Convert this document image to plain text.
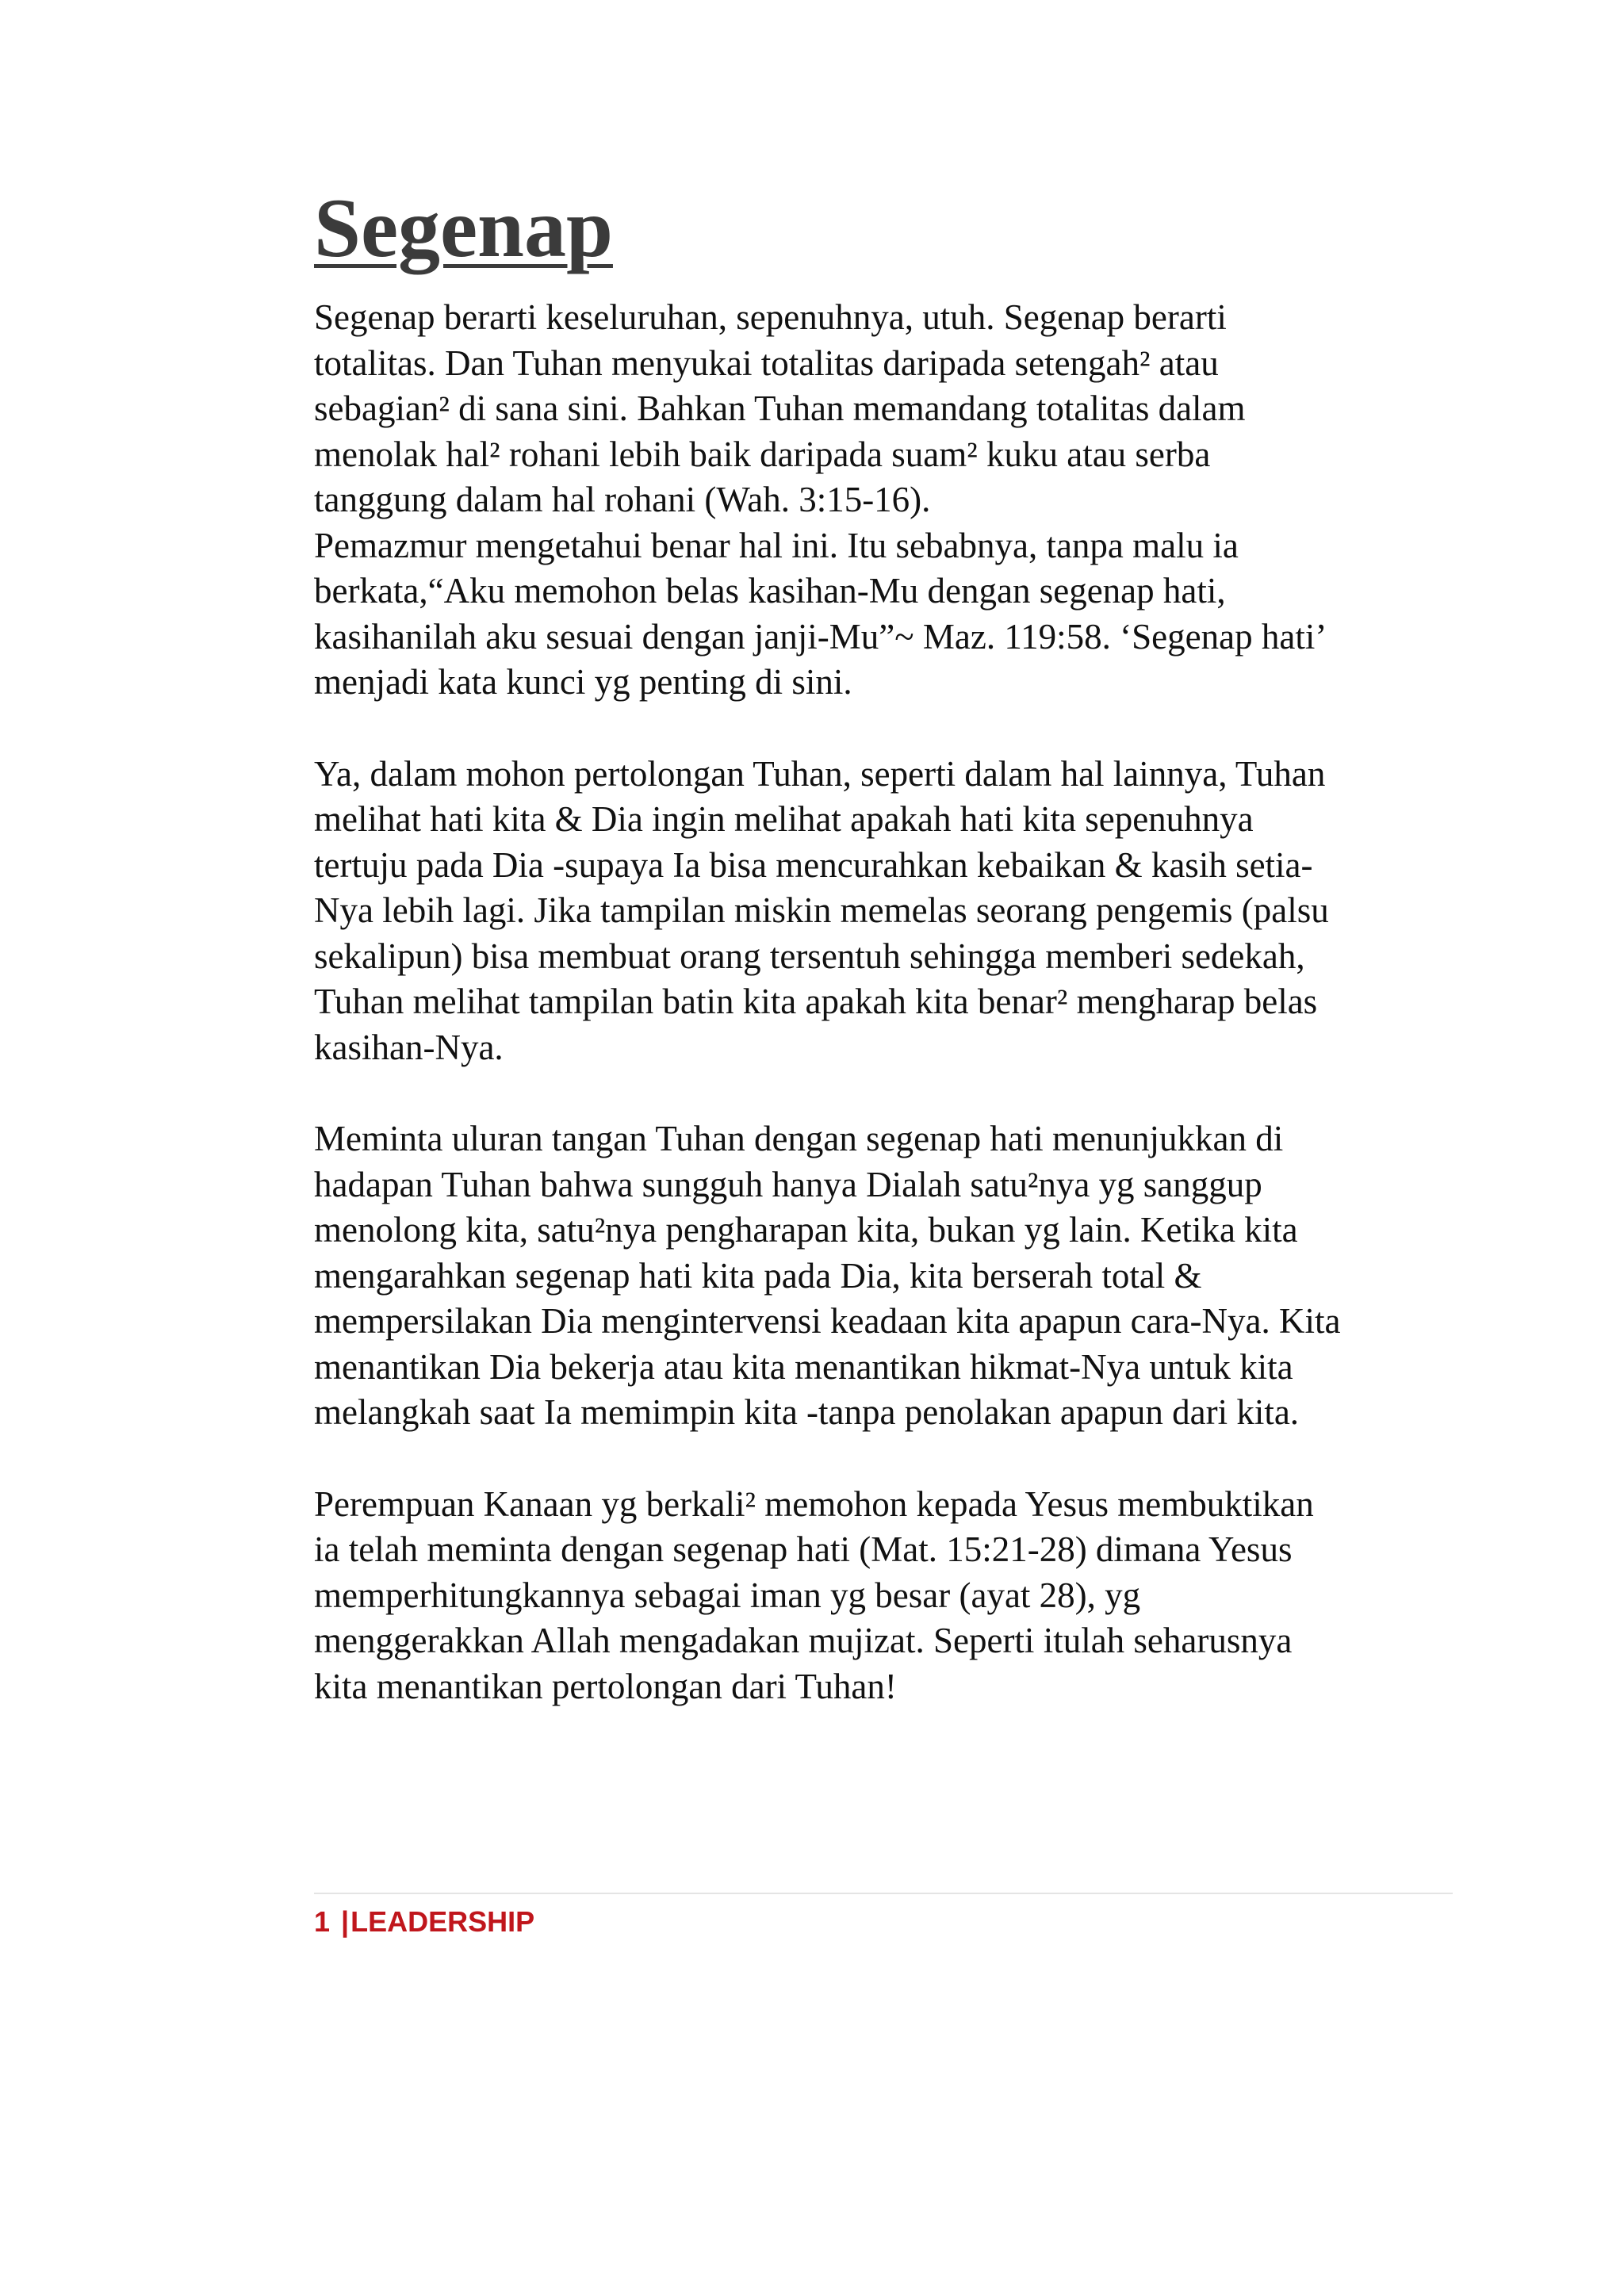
Segenap

Segenap berarti keseluruhan, sepenuhnya, utuh. Segenap berarti
totalitas. Dan Tuhan menyukai totalitas daripada setengah² atau
sebagian² di sana sini. Bahkan Tuhan memandang totalitas dalam
menolak hal² rohani lebih baik daripada suam² kuku atau serba
tanggung dalam hal rohani (Wah. 3:15-16).
Pemazmur mengetahui benar hal ini. Itu sebabnya, tanpa malu ia
berkata,“Aku memohon belas kasihan-Mu dengan segenap hati,
kasihanilah aku sesuai dengan janji-Mu”~ Maz. 119:58. ‘Segenap hati’
menjadi kata kunci yg penting di sini.

Ya, dalam mohon pertolongan Tuhan, seperti dalam hal lainnya, Tuhan
melihat hati kita & Dia ingin melihat apakah hati kita sepenuhnya
tertuju pada Dia -supaya Ia bisa mencurahkan kebaikan & kasih setia-
Nya lebih lagi. Jika tampilan miskin memelas seorang pengemis (palsu
sekalipun) bisa membuat orang tersentuh sehingga memberi sedekah,
Tuhan melihat tampilan batin kita apakah kita benar² mengharap belas
kasihan-Nya.

Meminta uluran tangan Tuhan dengan segenap hati menunjukkan di
hadapan Tuhan bahwa sungguh hanya Dialah satu²nya yg sanggup
menolong kita, satu²nya pengharapan kita, bukan yg lain. Ketika kita
mengarahkan segenap hati kita pada Dia, kita berserah total &
mempersilakan Dia mengintervensi keadaan kita apapun cara-Nya. Kita
menantikan Dia bekerja atau kita menantikan hikmat-Nya untuk kita
melangkah saat Ia memimpin kita -tanpa penolakan apapun dari kita.

Perempuan Kanaan yg berkali² memohon kepada Yesus membuktikan
ia telah meminta dengan segenap hati (Mat. 15:21-28) dimana Yesus
memperhitungkannya sebagai iman yg besar (ayat 28), yg
menggerakkan Allah mengadakan mujizat. Seperti itulah seharusnya
kita menantikan pertolongan dari Tuhan!

1 |LEADERSHIP
